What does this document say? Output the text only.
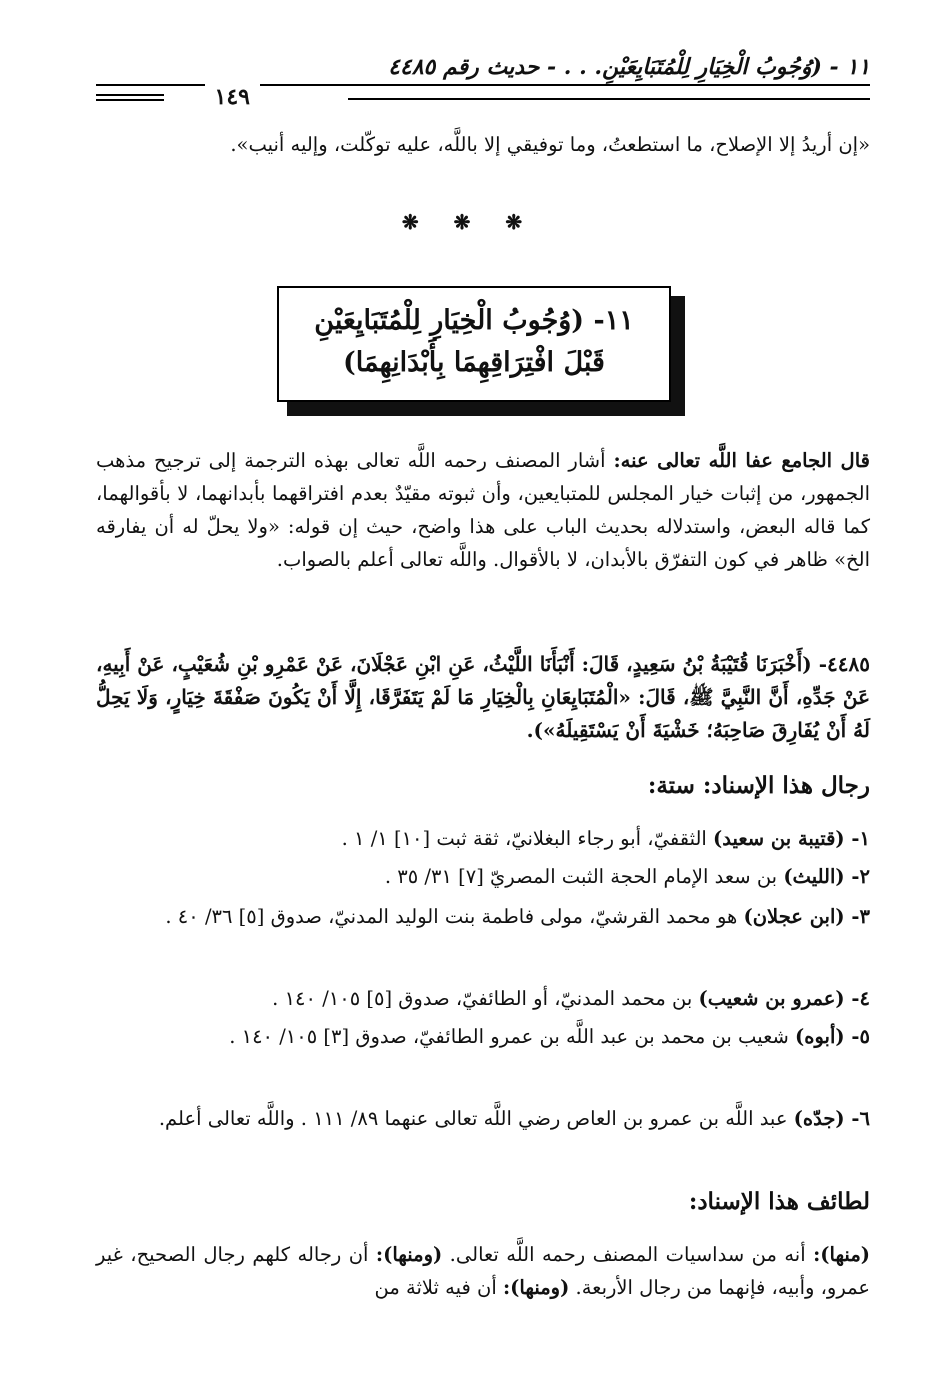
١١ - (وُجُوبُ الْخِيَارِ لِلْمُتَبَايِعَيْنِ. . . - حديث رقم ٤٤٨٥
١٤٩
«إن أريدُ إلا الإصلاح، ما استطعتُ، وما توفيقي إلا باللَّه، عليه توكّلت، وإليه أنيب».
❋ ❋ ❋
١١- (وُجُوبُ الْخِيَارِ لِلْمُتَبَايِعَيْنِ
قَبْلَ افْتِرَاقِهِمَا بِأَبْدَانِهِمَا)
قال الجامع عفا اللَّه تعالى عنه: أشار المصنف رحمه اللَّه تعالى بهذه الترجمة إلى ترجيح مذهب الجمهور، من إثبات خيار المجلس للمتبايعين، وأن ثبوته مقيّدٌ بعدم افتراقهما بأبدانهما، لا بأقوالهما، كما قاله البعض، واستدلاله بحديث الباب على هذا واضح، حيث إن قوله: «ولا يحلّ له أن يفارقه الخ» ظاهر في كون التفرّق بالأبدان، لا بالأقوال. واللَّه تعالى أعلم بالصواب.
٤٤٨٥- (أَخْبَرَنَا قُتَيْبَةُ بْنُ سَعِيدٍ، قَالَ: أَنْبَأَنَا اللَّيْثُ، عَنِ ابْنِ عَجْلَانَ، عَنْ عَمْرِو بْنِ شُعَيْبٍ، عَنْ أَبِيهِ، عَنْ جَدِّهِ، أَنَّ النَّبِيَّ ﷺ، قَالَ: «الْمُتَبَايِعَانِ بِالْخِيَارِ مَا لَمْ يَتَفَرَّقَا، إِلَّا أَنْ يَكُونَ صَفْقَةَ خِيَارٍ، وَلَا يَحِلُّ لَهُ أَنْ يُفَارِقَ صَاحِبَهُ؛ خَشْيَةَ أَنْ يَسْتَقِيلَهُ»).
رجال هذا الإسناد: ستة:
١- (قتيبة بن سعيد) الثقفيّ، أبو رجاء البغلانيّ، ثقة ثبت [١٠] ١/ ١ .
٢- (الليث) بن سعد الإمام الحجة الثبت المصريّ [٧] ٣١/ ٣٥ .
٣- (ابن عجلان) هو محمد القرشيّ، مولى فاطمة بنت الوليد المدنيّ، صدوق [٥] ٣٦/ ٤٠ .
٤- (عمرو بن شعيب) بن محمد المدنيّ، أو الطائفيّ، صدوق [٥] ١٠٥/ ١٤٠ .
٥- (أبوه) شعيب بن محمد بن عبد اللَّه بن عمرو الطائفيّ، صدوق [٣] ١٠٥/ ١٤٠ .
٦- (جدّه) عبد اللَّه بن عمرو بن العاص رضي اللَّه تعالى عنهما ٨٩/ ١١١ . واللَّه تعالى أعلم.
لطائف هذا الإسناد:
(منها): أنه من سداسيات المصنف رحمه اللَّه تعالى. (ومنها): أن رجاله كلهم رجال الصحيح، غير عمرو، وأبيه، فإنهما من رجال الأربعة. (ومنها): أن فيه ثلاثة من
